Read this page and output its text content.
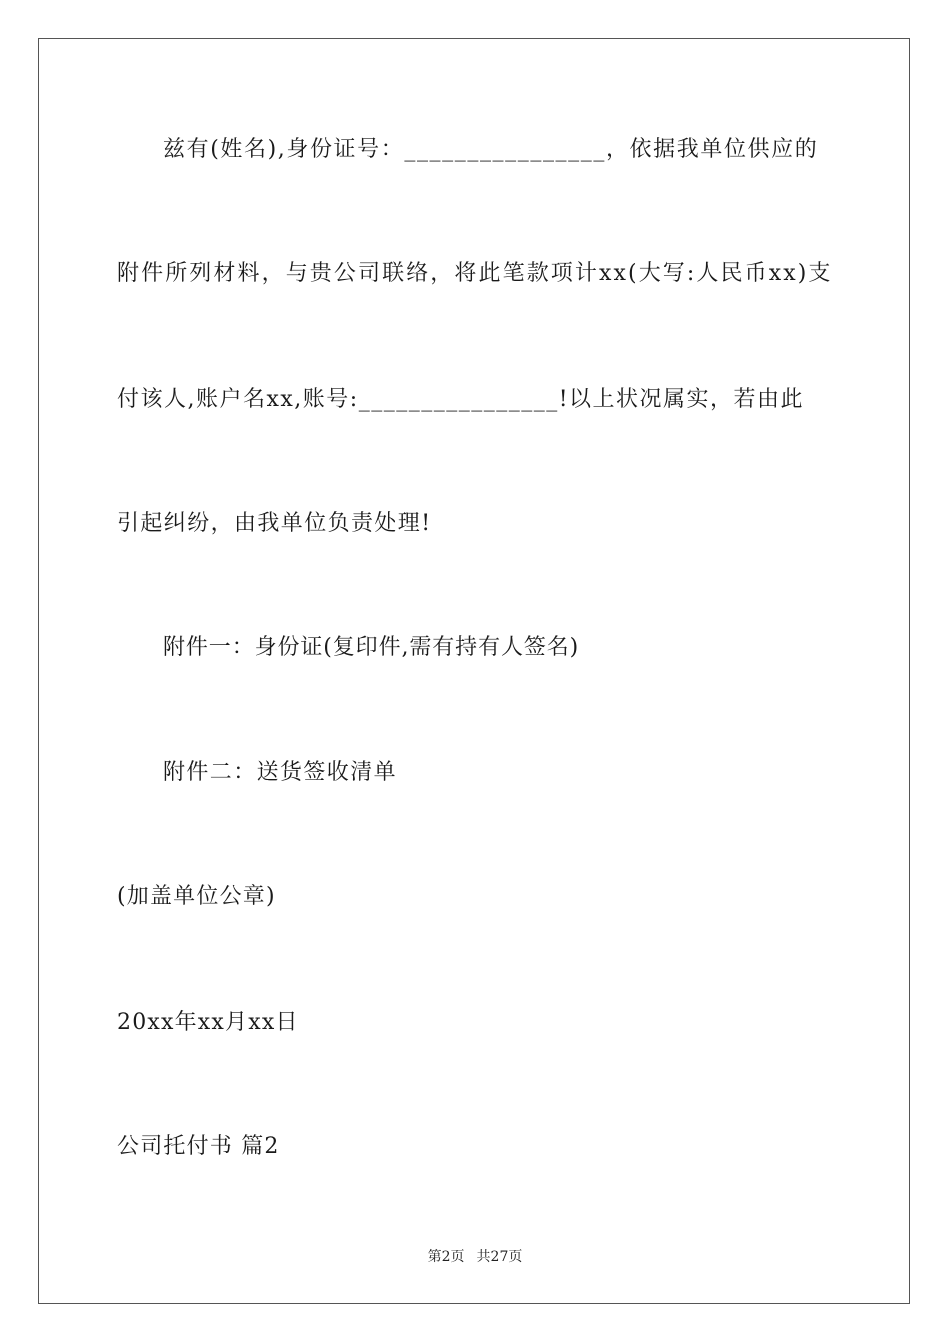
兹有(姓名),身份证号：________________，依据我单位供应的
附件所列材料，与贵公司联络，将此笔款项计xx(大写:人民币xx)支
付该人,账户名xx,账号:________________!以上状况属实，若由此
引起纠纷，由我单位负责处理!
附件一：身份证(复印件,需有持有人签名)
附件二：送货签收清单
(加盖单位公章)
20xx年xx月xx日
公司托付书 篇2
第2页 共27页
